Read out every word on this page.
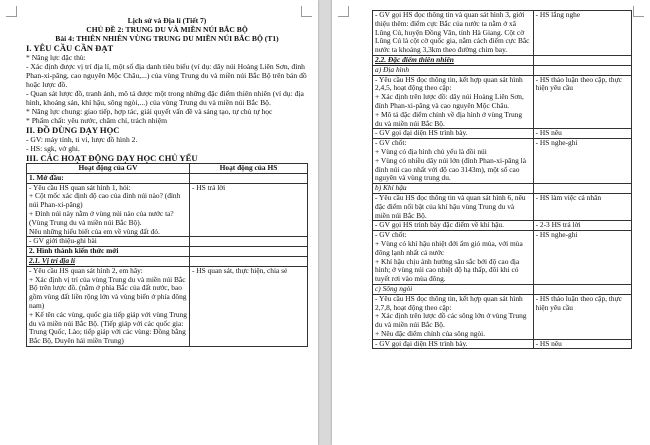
Lịch sử và Địa lí (Tiết 7)

CHỦ ĐỀ 2: TRUNG DU VÀ MIỀN NÚI BẮC BỘ

Bài 4: THIÊN NHIÊN VÙNG TRUNG DU MIỀN NÚI BẮC BỘ (T1)

I. YÊU CẦU CẦN ĐẠT

* Năng lực đặc thù:

- Xác định được vị trí địa lí, một số địa danh tiêu biểu (ví dụ: dãy núi Hoàng Liên Sơn, đỉnh Phan-xi-păng, cao nguyên Mộc Châu,...) của vùng Trung du và miền núi Bắc Bộ trên bản đồ hoặc lược đồ.

- Quan sát lược đồ, tranh ảnh, mô tả được một trong những đặc điểm thiên nhiên (ví dụ: địa hình, khoáng sản, khí hậu, sông ngòi,...) của vùng Trung du và miền núi Bắc Bộ.

* Năng lực chung: giao tiếp, hợp tác, giải quyết vấn đề và sáng tạo, tự chủ tự học

* Phẩm chất: yêu nước, chăm chỉ, trách nhiệm

II. ĐỒ DÙNG DẠY HỌC

- GV: máy tính, ti vi, lược đồ hình 2.

- HS: sgk, vở ghi.

III. CÁC HOẠT ĐỘNG DẠY HỌC CHỦ YẾU

Hoạt động của GV	Hoạt động của HS

1. Mở đầu:	

- Yêu cầu HS quan sát hình 1, hỏi:

+ Cột mốc xác định độ cao của đỉnh núi nào? (đỉnh núi Phan-xi-păng)

+ Đỉnh núi này nằm ở vùng núi nào của nước ta? (Vùng Trung du và miền núi Bắc Bộ).

Nêu những hiểu biết của em về vùng đất đó.	- HS trả lời

- GV giới thiệu-ghi bài	

2. Hình thành kiến thức mới	

2.1. Vị trí địa lí	

- Yêu cầu HS quan sát hình 2, em hãy:

+ Xác định vị trí của vùng Trung du và miền núi Bắc Bộ trên lược đồ. (nằm ở phía Bắc của đất nước, bao gồm vùng đất liền rộng lớn và vùng biển ở phía đông nam)

+ Kể tên các vùng, quốc gia tiếp giáp với vùng Trung du và miền núi Bắc Bộ. (Tiếp giáp với các quốc gia: Trung Quốc, Lào; tiếp giáp với các vùng: Đồng bằng Bắc Bộ, Duyên hải miền Trung)	- HS quan sát, thực hiện, chia sẻ

- GV gọi HS đọc thông tin và quan sát hình 3, giới thiệu thêm: điểm cực Bắc của nước ta nằm ở xã Lũng Cú, huyện Đồng Văn, tỉnh Hà Giang. Cột cờ Lũng Cú là cột cờ quốc gia, nằm cách điểm cực Bắc nước ta khoảng 3,3km theo đường chim bay.	- HS lắng nghe

2.2. Đặc điểm thiên nhiên	

a) Địa hình	

- Yêu cầu HS đọc thông tin, kết hợp quan sát hình 2,4,5, hoạt động theo cặp:

+ Xác định trên lược đồ: dãy núi Hoàng Liên Sơn, đỉnh Phan-xi-păng và cao nguyên Mộc Châu.

+ Mô tả đặc điểm chính về địa hình ở vùng Trung du và miền núi Bắc Bộ.	- HS thảo luận theo cặp, thực hiện yêu cầu

- GV gọi đại diện HS trình bày.	- HS nêu

- GV chốt:

+ Vùng có địa hình chủ yếu là đồi núi

+ Vùng có nhiều dãy núi lớn (đỉnh Phan-xi-păng là đỉnh núi cao nhất với độ cao 3143m), một số cao nguyên và vùng trung du.	- HS nghe-ghi

b) Khí hậu	

- Yêu cầu HS đọc thông tin và quan sát hình 6, nêu đặc điểm nổi bật của khí hậu vùng Trung du và miền núi Bắc Bộ.	- HS làm việc cá nhân

- GV gọi HS trình bày đặc điểm về khí hậu.	- 2-3 HS trả lời

- GV chốt:

+ Vùng có khí hậu nhiệt đới ẩm gió mùa, với mùa đông lạnh nhất cả nước

+ Khí hậu chịu ảnh hưởng sâu sắc bởi độ cao địa hình; ở vùng núi cao nhiệt độ hạ thấp, đôi khi có tuyết rơi vào mùa đông.	- HS nghe-ghi

c) Sông ngòi	

- Yêu cầu HS đọc thông tin, kết hợp quan sát hình 2,7,8, hoạt động theo cặp:

+ Xác định trên lược đồ các sông lớn ở vùng Trung du và miền núi Bắc Bộ.

+ Nêu đặc điểm chính của sông ngòi.	- HS thảo luận theo cặp, thực hiện yêu cầu

- GV gọi đại diện HS trình bày.	- HS nêu
